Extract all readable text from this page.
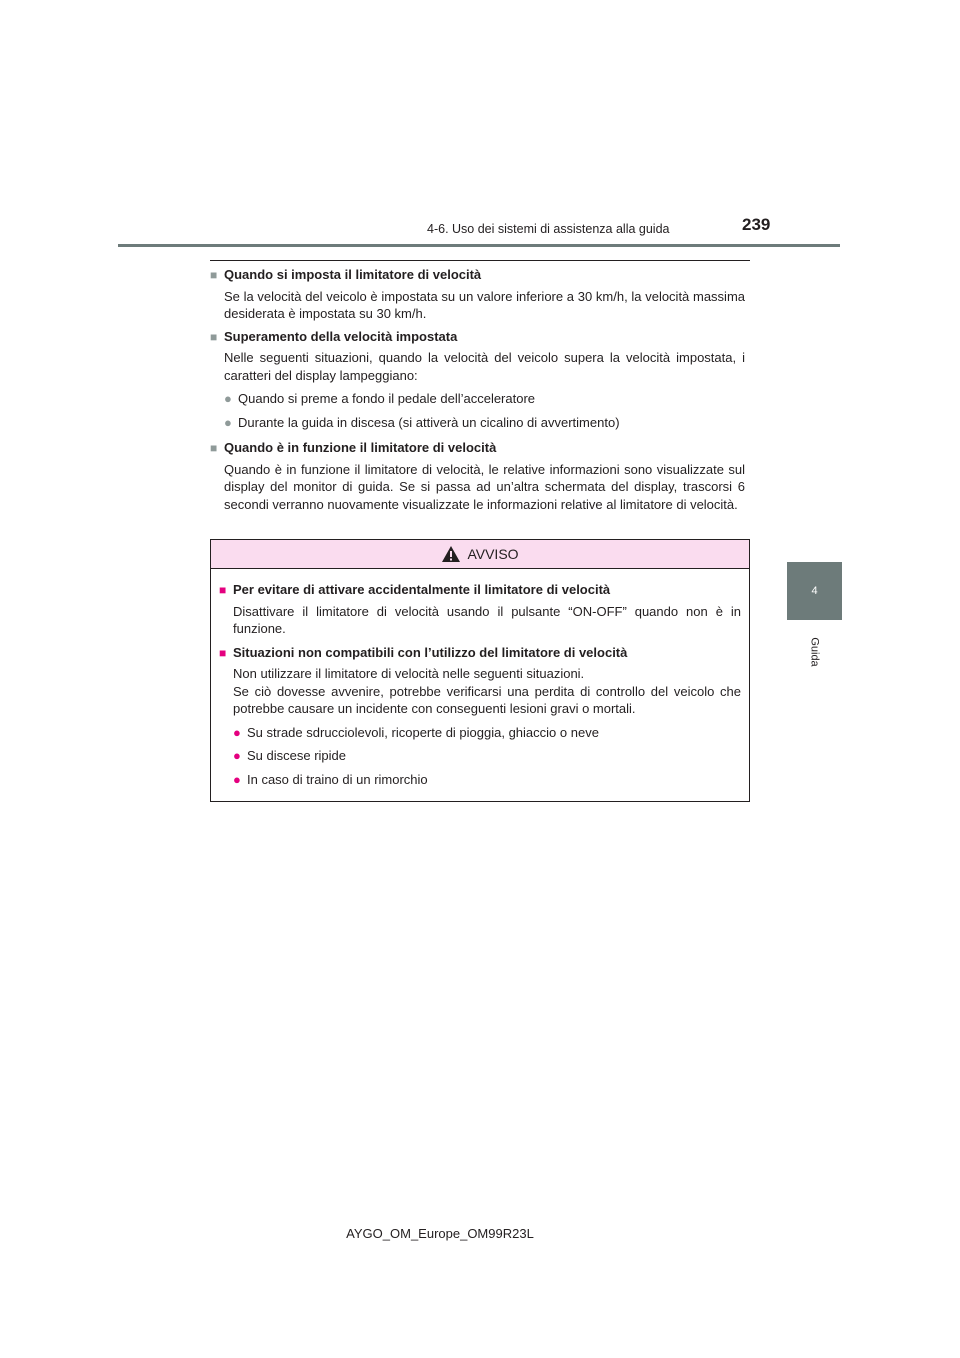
4-6. Uso dei sistemi di assistenza alla guida	239
4
Guida
■ Quando si imposta il limitatore di velocità
Se la velocità del veicolo è impostata su un valore inferiore a 30 km/h, la velocità massima desiderata è impostata su 30 km/h.
■ Superamento della velocità impostata
Nelle seguenti situazioni, quando la velocità del veicolo supera la velocità impostata, i caratteri del display lampeggiano:
● Quando si preme a fondo il pedale dell’acceleratore
● Durante la guida in discesa (si attiverà un cicalino di avvertimento)
■ Quando è in funzione il limitatore di velocità
Quando è in funzione il limitatore di velocità, le relative informazioni sono visualizzate sul display del monitor di guida. Se si passa ad un’altra schermata del display, trascorsi 6 secondi verranno nuovamente visualizzate le informazioni relative al limitatore di velocità.
AVVISO
■ Per evitare di attivare accidentalmente il limitatore di velocità
Disattivare il limitatore di velocità usando il pulsante “ON-OFF” quando non è in funzione.
■ Situazioni non compatibili con l’utilizzo del limitatore di velocità
Non utilizzare il limitatore di velocità nelle seguenti situazioni.
Se ciò dovesse avvenire, potrebbe verificarsi una perdita di controllo del veicolo che potrebbe causare un incidente con conseguenti lesioni gravi o mortali.
● Su strade sdrucciolevoli, ricoperte di pioggia, ghiaccio o neve
● Su discese ripide
● In caso di traino di un rimorchio
AYGO_OM_Europe_OM99R23L
